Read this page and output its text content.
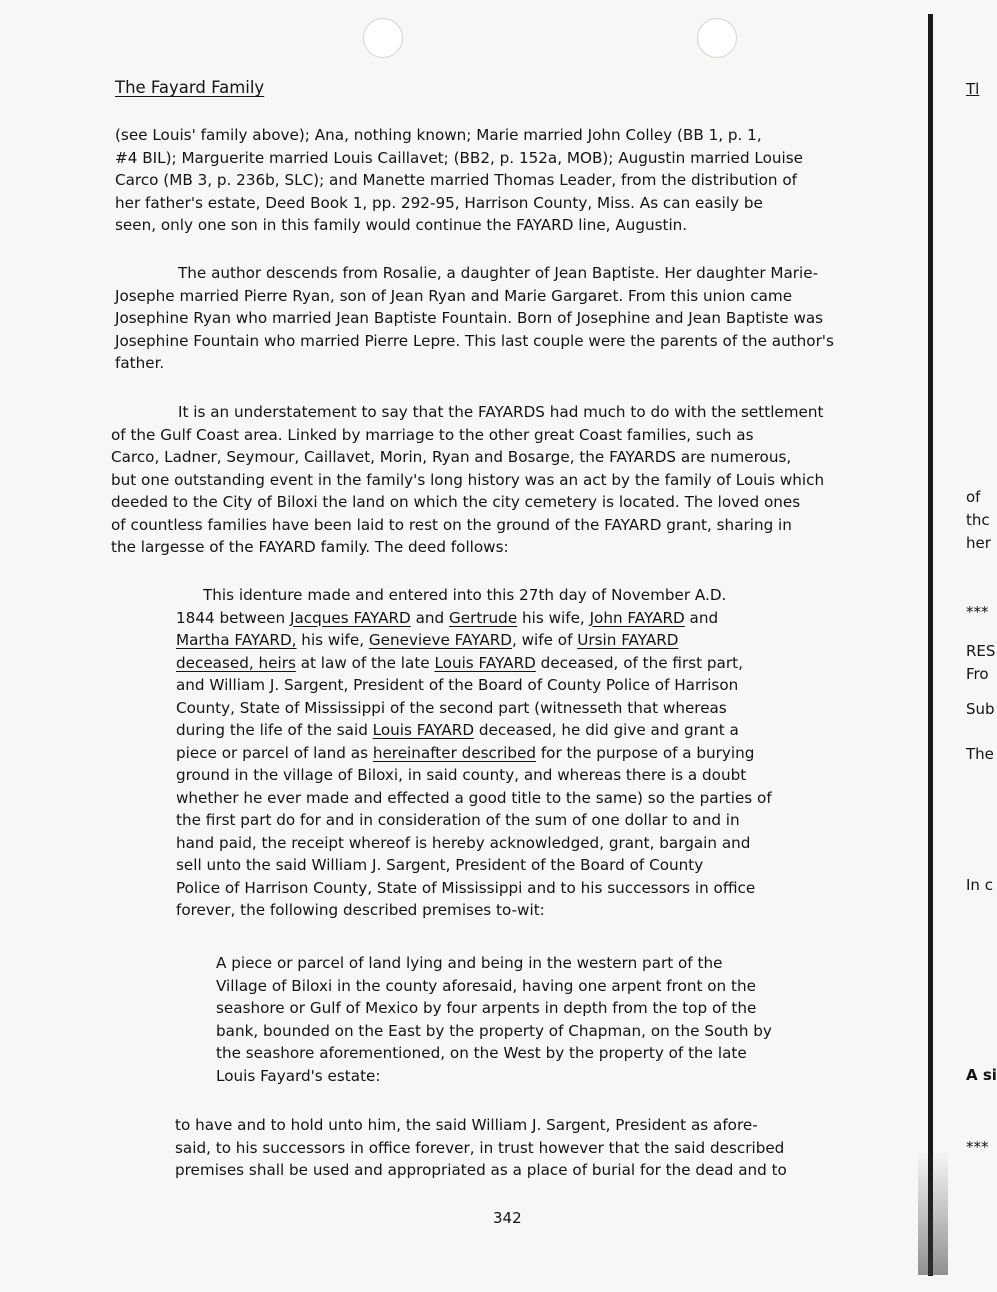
The Fayard Family
(see Louis' family above); Ana, nothing known; Marie married John Colley (BB 1, p. 1,
#4 BIL); Marguerite married Louis Caillavet; (BB2, p. 152a, MOB); Augustin married Louise
Carco (MB 3, p. 236b, SLC); and Manette married Thomas Leader, from the distribution of
her father's estate, Deed Book 1, pp. 292-95, Harrison County, Miss. As can easily be
seen, only one son in this family would continue the FAYARD line, Augustin.
The author descends from Rosalie, a daughter of Jean Baptiste. Her daughter Marie-
Josephe married Pierre Ryan, son of Jean Ryan and Marie Gargaret. From this union came
Josephine Ryan who married Jean Baptiste Fountain. Born of Josephine and Jean Baptiste was
Josephine Fountain who married Pierre Lepre. This last couple were the parents of the author's
father.
It is an understatement to say that the FAYARDS had much to do with the settlement
of the Gulf Coast area. Linked by marriage to the other great Coast families, such as
Carco, Ladner, Seymour, Caillavet, Morin, Ryan and Bosarge, the FAYARDS are numerous,
but one outstanding event in the family's long history was an act by the family of Louis which
deeded to the City of Biloxi the land on which the city cemetery is located. The loved ones
of countless families have been laid to rest on the ground of the FAYARD grant, sharing in
the largesse of the FAYARD family. The deed follows:
This identure made and entered into this 27th day of November A.D.
1844 between Jacques FAYARD and Gertrude his wife, John FAYARD and
Martha FAYARD, his wife, Genevieve FAYARD, wife of Ursin FAYARD
deceased, heirs at law of the late Louis FAYARD deceased, of the first part,
and William J. Sargent, President of the Board of County Police of Harrison
County, State of Mississippi of the second part (witnesseth that whereas
during the life of the said Louis FAYARD deceased, he did give and grant a
piece or parcel of land as hereinafter described for the purpose of a burying
ground in the village of Biloxi, in said county, and whereas there is a doubt
whether he ever made and effected a good title to the same) so the parties of
the first part do for and in consideration of the sum of one dollar to and in
hand paid, the receipt whereof is hereby acknowledged, grant, bargain and
sell unto the said William J. Sargent, President of the Board of County
Police of Harrison County, State of Mississippi and to his successors in office
forever, the following described premises to-wit:
A piece or parcel of land lying and being in the western part of the
Village of Biloxi in the county aforesaid, having one arpent front on the
seashore or Gulf of Mexico by four arpents in depth from the top of the
bank, bounded on the East by the property of Chapman, on the South by
the seashore aforementioned, on the West by the property of the late
Louis Fayard's estate:
to have and to hold unto him, the said William J. Sargent, President as afore-
said, to his successors in office forever, in trust however that the said described
premises shall be used and appropriated as a place of burial for the dead and to
342
Tl
of
thc
her
***
RES
Fro
Sub
The
In c
A si
***
